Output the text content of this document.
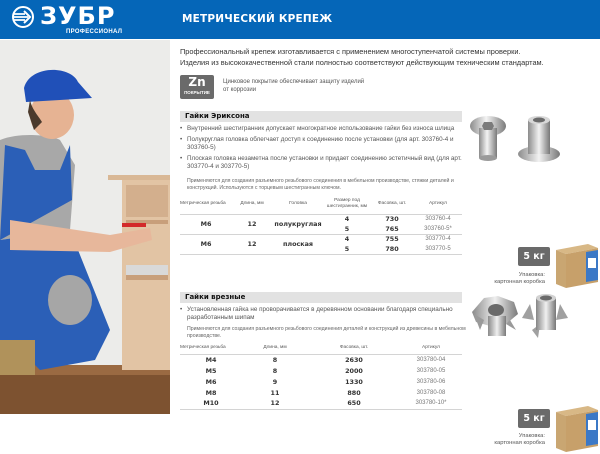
ЗУБР
ПРОФЕССИОНАЛ
МЕТРИЧЕСКИЙ КРЕПЕЖ
Профессиональный крепеж изготавливается с применением многоступенчатой системы проверки.
Изделия из высококачественной стали полностью соответствуют действующим техническим стандартам.
Zn
ПОКРЫТИЕ
Цинковое покрытие обеспечивает защиту изделий
от коррозии
Гайки Эриксона
• Внутренний шестигранник допускает многократное использование гайки без износа шлица
• Полукруглая головка облегчает доступ к соединению после установки (для арт. 303760-4 и 303760-5)
• Плоская головка незаметна после установки и придает соединению эстетичный вид (для арт. 303770-4 и 303770-5)
Применяются для создания разъемного резьбового соединения в мебельном производстве, стяжки деталей и конструкций. Используются с торцевым шестигранным ключом.
Метрическая резьба	Длина, мм	Головка	Размер под шестигранник, мм	Фасовка, шт.	Артикул
М6	12	полукруглая	4	730	303760-4
			5	765	303760-5*
М6	12	плоская	4	755	303770-4
			5	780	303770-5
5 кг
Упаковка:
картонная коробка
Гайки врезные
• Установленная гайка не проворачивается в деревянном основании благодаря специально разработанным шипам
Применяются для создания разъемного резьбового соединения деталей и конструкций из древесины в мебельном производстве.
Метрическая резьба	Длина, мм	Фасовка, шт.	Артикул
М4	8	2630	303780-04
М5	8	2000	303780-05
М6	9	1330	303780-06
М8	11	880	303780-08
М10	12	650	303780-10*
5 кг
Упаковка:
картонная коробка
